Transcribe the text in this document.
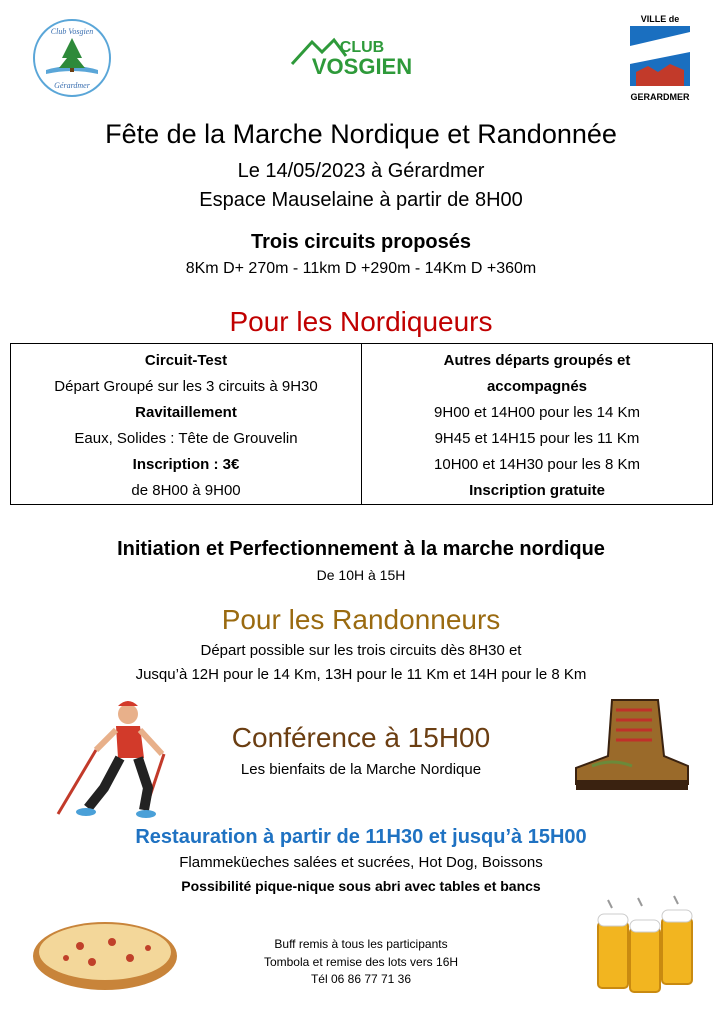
Club Vosgien
Gérardmer
CLUB
VOSGIEN
VILLE de
GERARDMER
Fête de la Marche Nordique et Randonnée
Le 14/05/2023 à Gérardmer
Espace Mauselaine à partir de 8H00
Trois circuits proposés
8Km D+ 270m - 11km D +290m - 14Km D +360m
Pour les Nordiqueurs
Circuit-Test
Départ Groupé sur les 3 circuits à 9H30
Ravitaillement
Eaux, Solides : Tête de Grouvelin
Inscription : 3€
de 8H00 à 9H00

Autres départs groupés et
accompagnés
9H00 et 14H00 pour les 14 Km
9H45 et 14H15 pour les 11 Km
10H00 et 14H30 pour les 8 Km
Inscription gratuite
Initiation et Perfectionnement à la marche nordique
De 10H à 15H
Pour les Randonneurs
Départ possible sur les trois circuits dès 8H30 et
Jusqu’à 12H pour le 14 Km, 13H pour le 11 Km et 14H pour le 8 Km
Conférence à 15H00
Les bienfaits de la Marche Nordique
Restauration à partir de 11H30 et jusqu’à 15H00
Flammeküeches salées et sucrées, Hot Dog, Boissons
Possibilité pique-nique sous abri avec tables et bancs
Buff remis à tous les participants
Tombola et remise des lots vers 16H
Tél 06 86 77 71 36
